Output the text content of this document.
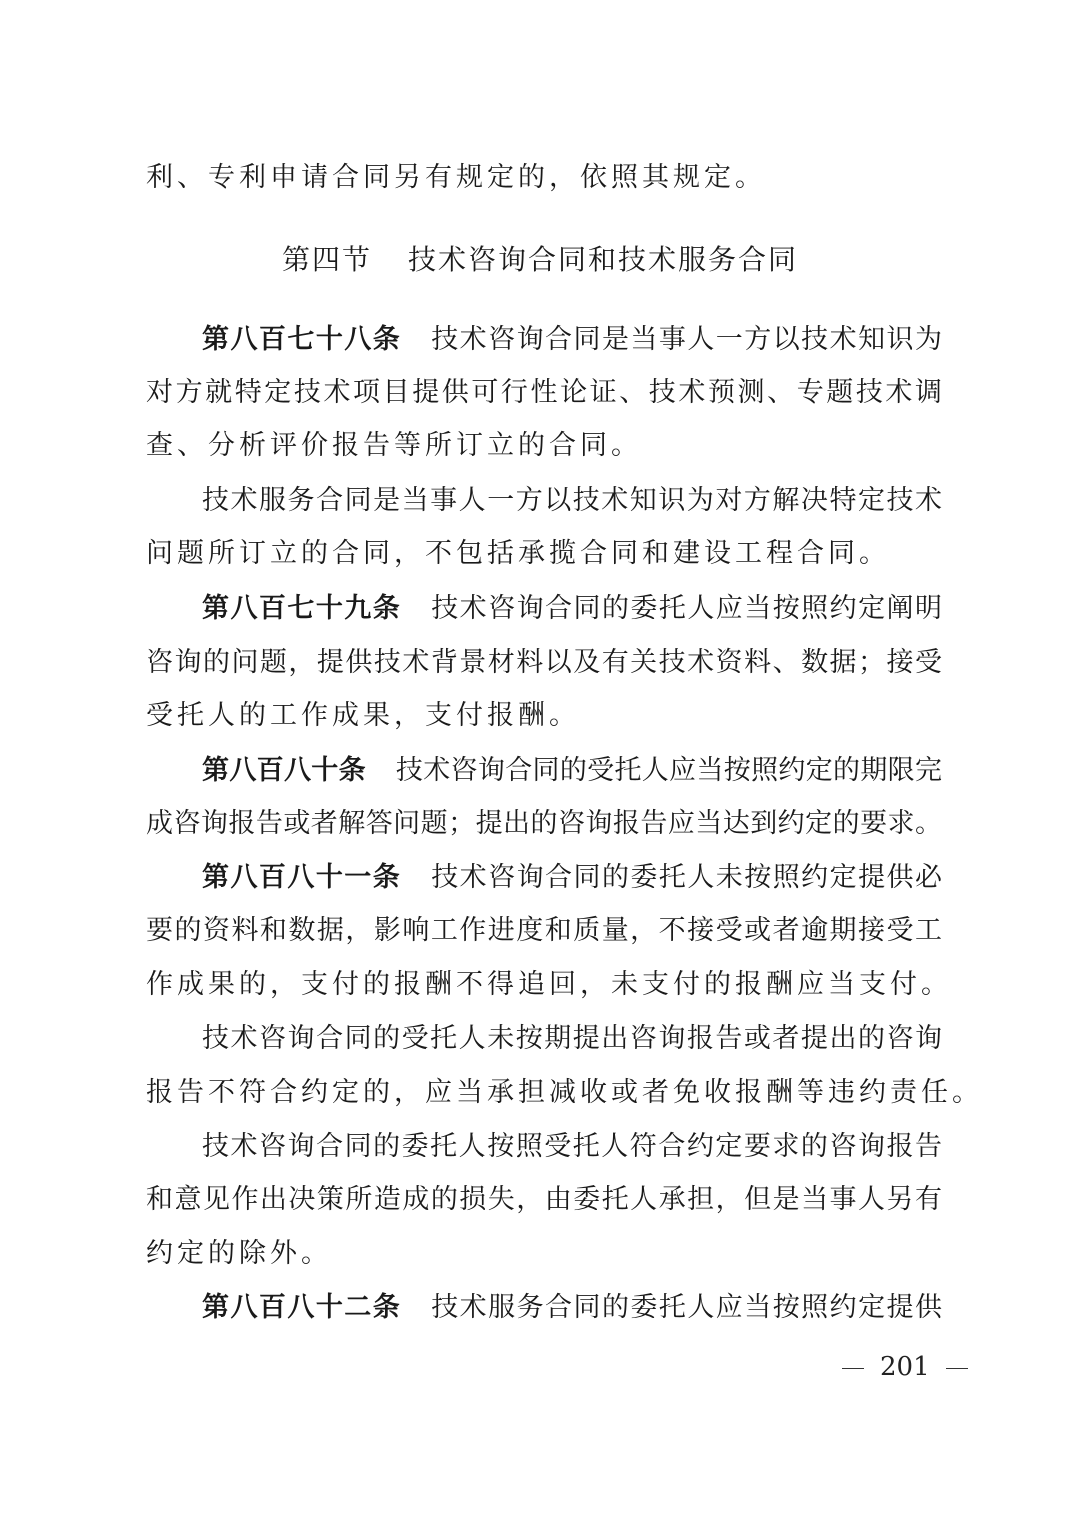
利、专利申请合同另有规定的，依照其规定。
第四节 技术咨询合同和技术服务合同
第八百七十八条 技术咨询合同是当事人一方以技术知识为
对方就特定技术项目提供可行性论证、技术预测、专题技术调
查、分析评价报告等所订立的合同。
技术服务合同是当事人一方以技术知识为对方解决特定技术
问题所订立的合同，不包括承揽合同和建设工程合同。
第八百七十九条 技术咨询合同的委托人应当按照约定阐明
咨询的问题，提供技术背景材料以及有关技术资料、数据；接受
受托人的工作成果，支付报酬。
第八百八十条 技术咨询合同的受托人应当按照约定的期限完
成咨询报告或者解答问题；提出的咨询报告应当达到约定的要求。
第八百八十一条 技术咨询合同的委托人未按照约定提供必
要的资料和数据，影响工作进度和质量，不接受或者逾期接受工
作成果的，支付的报酬不得追回，未支付的报酬应当支付。
技术咨询合同的受托人未按期提出咨询报告或者提出的咨询
报告不符合约定的，应当承担减收或者免收报酬等违约责任。
技术咨询合同的委托人按照受托人符合约定要求的咨询报告
和意见作出决策所造成的损失，由委托人承担，但是当事人另有
约定的除外。
第八百八十二条 技术服务合同的委托人应当按照约定提供
201
